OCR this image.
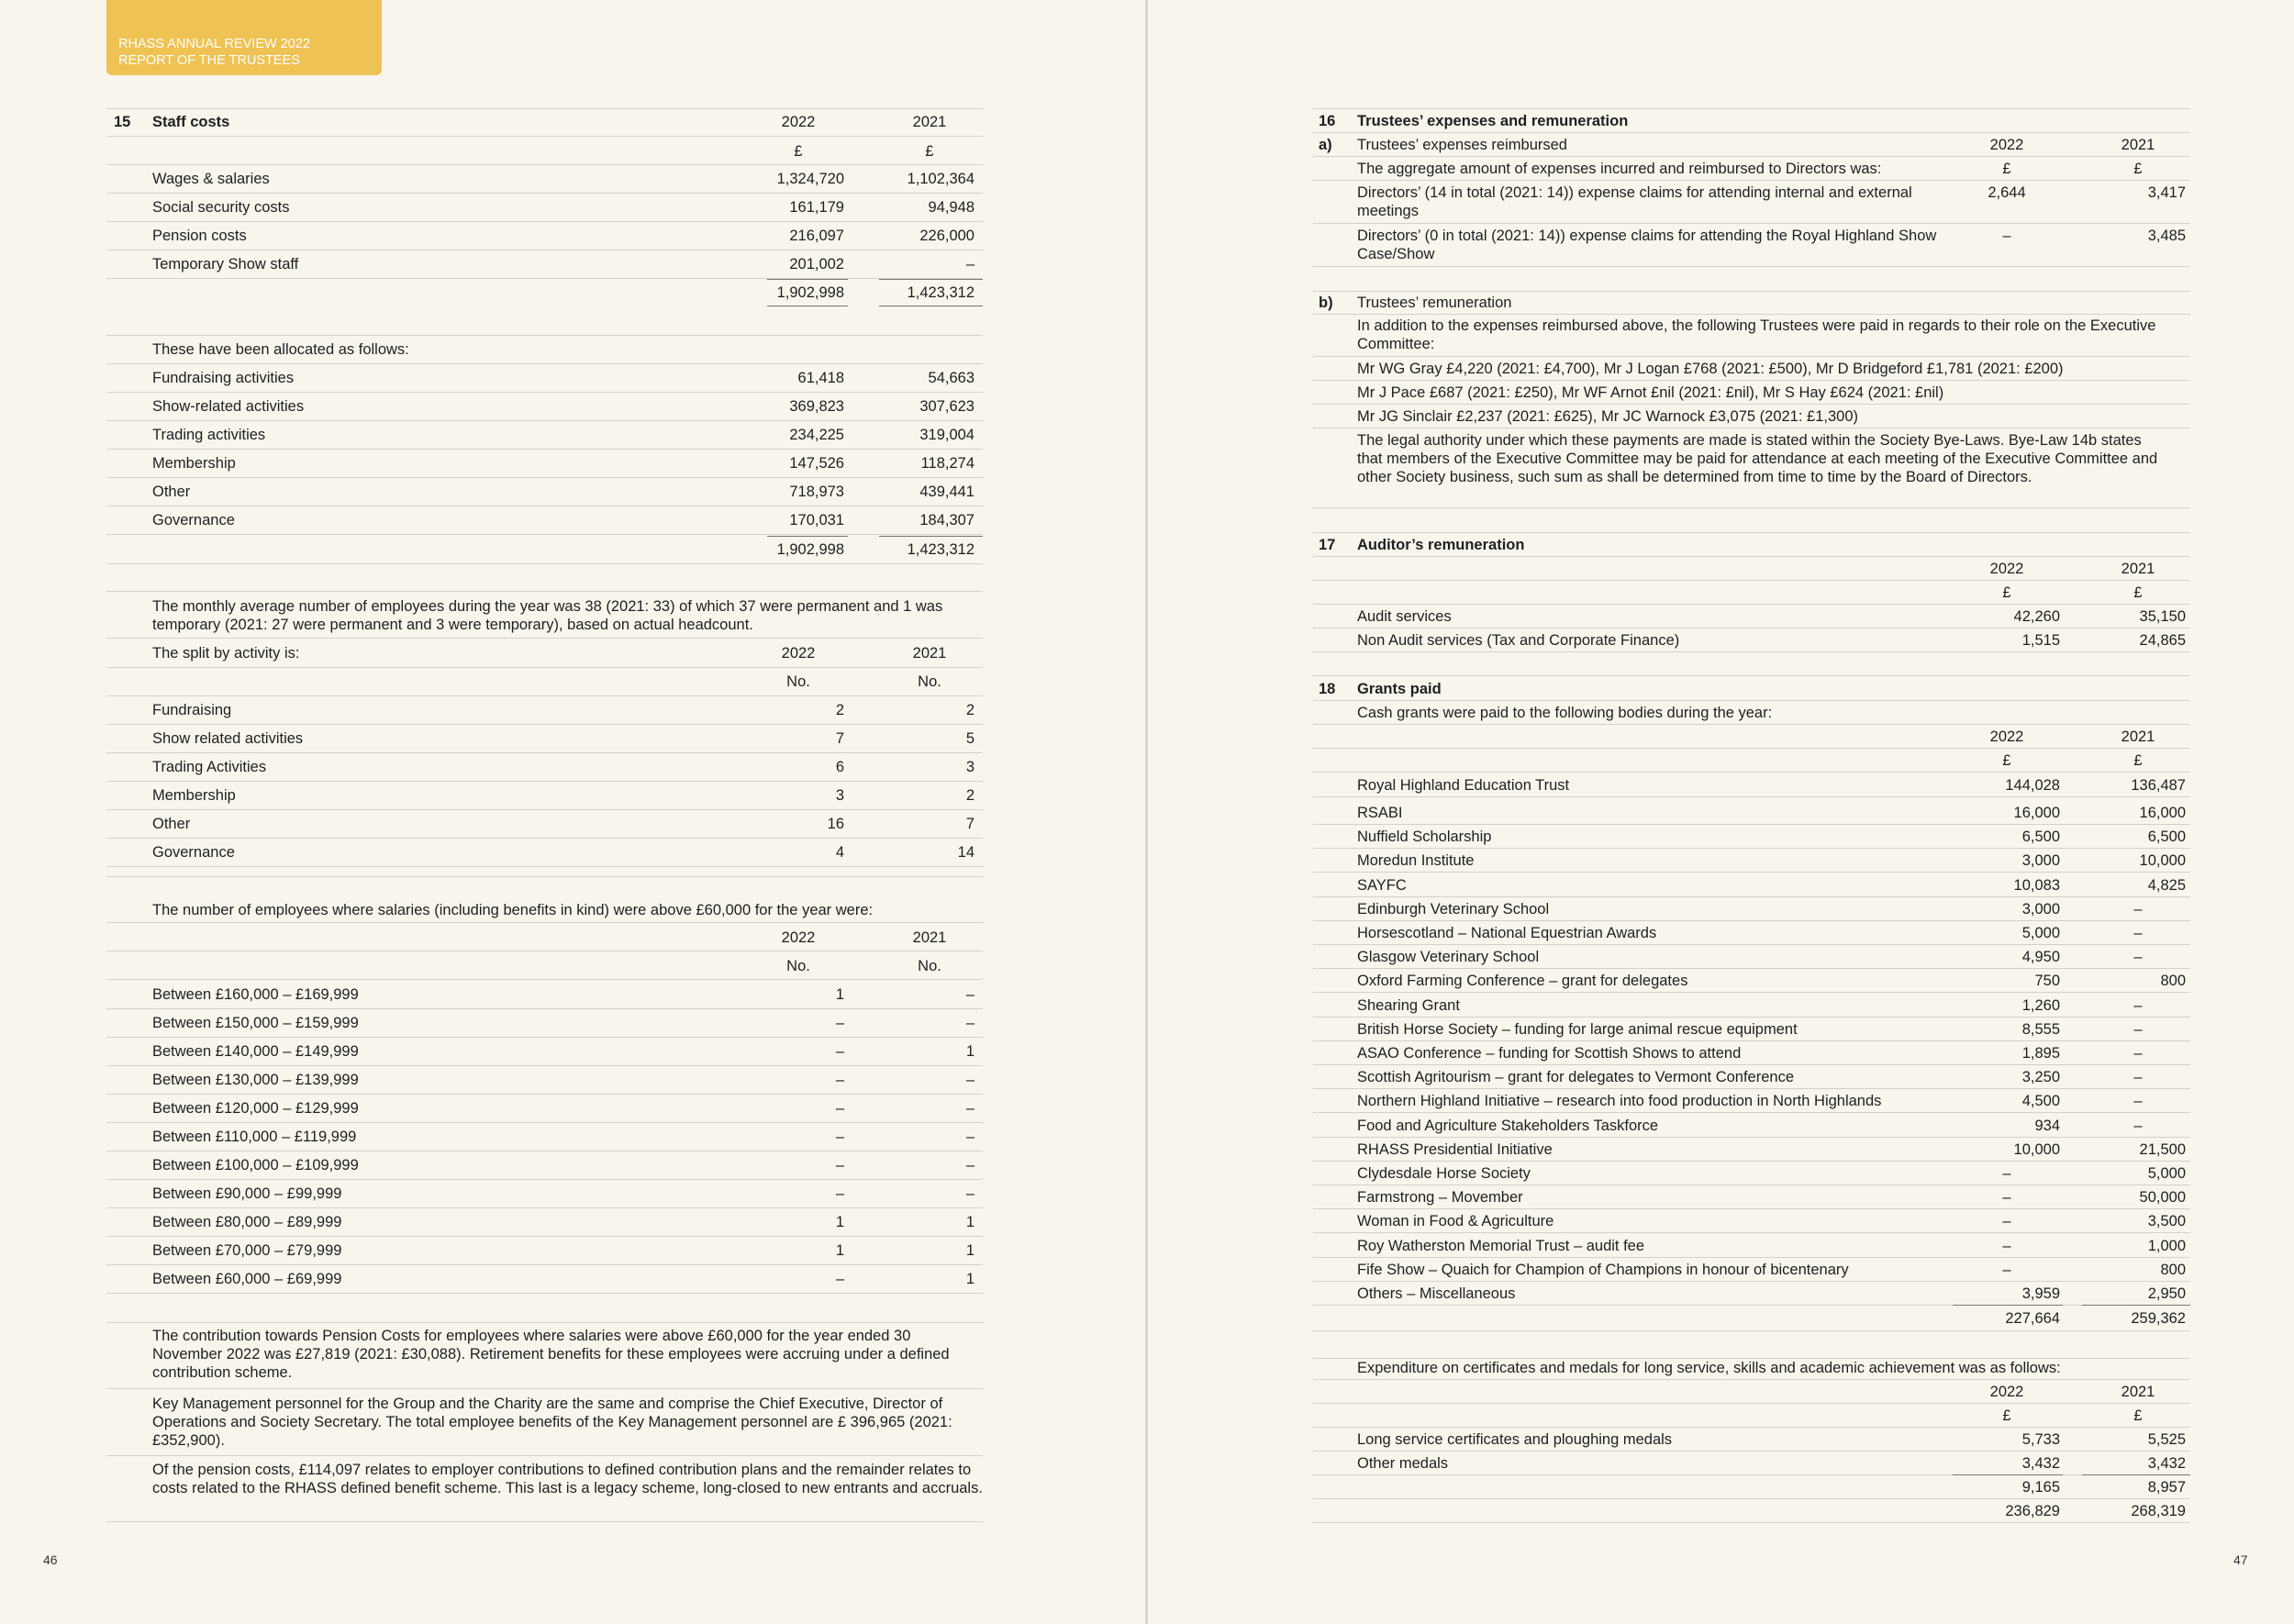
RHASS ANNUAL REVIEW 2022
REPORT OF THE TRUSTEES
46	47
15 Staff costs	2022	2021
£	£
Wages & salaries	1,324,720	1,102,364
Social security costs	161,179	94,948
Pension costs	216,097	226,000
Temporary Show staff	201,002	–
1,902,998	1,423,312
These have been allocated as follows:
Fundraising activities	61,418	54,663
Show-related activities	369,823	307,623
Trading activities	234,225	319,004
Membership	147,526	118,274
Other	718,973	439,441
Governance	170,031	184,307
1,902,998	1,423,312
The monthly average number of employees during the year was 38 (2021: 33) of which 37 were permanent and 1 was temporary (2021: 27 were permanent and 3 were temporary), based on actual headcount.
The split by activity is:	2022	2021
No.	No.
Fundraising	2	2
Show related activities	7	5
Trading Activities	6	3
Membership	3	2
Other	16	7
Governance	4	14
The number of employees where salaries (including benefits in kind) were above £60,000 for the year were:
2022	2021
No.	No.
Between £160,000 – £169,999	1	–
Between £150,000 – £159,999	–	–
Between £140,000 – £149,999	–	1
Between £130,000 – £139,999	–	–
Between £120,000 – £129,999	–	–
Between £110,000 – £119,999	–	–
Between £100,000 – £109,999	–	–
Between £90,000 – £99,999	–	–
Between £80,000 – £89,999	1	1
Between £70,000 – £79,999	1	1
Between £60,000 – £69,999	–	1
The contribution towards Pension Costs for employees where salaries were above £60,000 for the year ended 30 November 2022 was £27,819 (2021: £30,088). Retirement benefits for these employees were accruing under a defined contribution scheme.
Key Management personnel for the Group and the Charity are the same and comprise the Chief Executive, Director of Operations and Society Secretary. The total employee benefits of the Key Management personnel are £ 396,965 (2021: £352,900).
Of the pension costs, £114,097 relates to employer contributions to defined contribution plans and the remainder relates to costs related to the RHASS defined benefit scheme. This last is a legacy scheme, long-closed to new entrants and accruals.
16 Trustees’ expenses and remuneration
a) Trustees’ expenses reimbursed	2022	2021
The aggregate amount of expenses incurred and reimbursed to Directors was:	£	£
Directors’ (14 in total (2021: 14)) expense claims for attending internal and external meetings
2,644	3,417
Directors’ (0 in total (2021: 14)) expense claims for attending the Royal Highland Show Case/Show
–	3,485
b) Trustees’ remuneration
In addition to the expenses reimbursed above, the following Trustees were paid in regards to their role on the Executive Committee:
Mr WG Gray £4,220 (2021: £4,700), Mr J Logan £768 (2021: £500), Mr D Bridgeford £1,781 (2021: £200)
Mr J Pace £687 (2021: £250), Mr WF Arnot £nil (2021: £nil), Mr S Hay £624 (2021: £nil)
Mr JG Sinclair £2,237 (2021: £625), Mr JC Warnock £3,075 (2021: £1,300)
The legal authority under which these payments are made is stated within the Society Bye-Laws. Bye-Law 14b states that members of the Executive Committee may be paid for attendance at each meeting of the Executive Committee and other Society business, such sum as shall be determined from time to time by the Board of Directors.
17 Auditor’s remuneration
2022	2021
£	£
Audit services	42,260	35,150
Non Audit services (Tax and Corporate Finance)	1,515	24,865
18 Grants paid
Cash grants were paid to the following bodies during the year:
2022	2021
£	£
Royal Highland Education Trust	144,028	136,487
RSABI	16,000	16,000
Nuffield Scholarship	6,500	6,500
Moredun Institute	3,000	10,000
SAYFC	10,083	4,825
Edinburgh Veterinary School	3,000	–
Horsescotland – National Equestrian Awards	5,000	–
Glasgow Veterinary School	4,950	–
Oxford Farming Conference – grant for delegates	750	800
Shearing Grant	1,260	–
British Horse Society – funding for large animal rescue equipment	8,555	–
ASAO Conference – funding for Scottish Shows to attend	1,895	–
Scottish Agritourism – grant for delegates to Vermont Conference	3,250	–
Northern Highland Initiative – research into food production in North Highlands	4,500	–
Food and Agriculture Stakeholders Taskforce	934	–
RHASS Presidential Initiative	10,000	21,500
Clydesdale Horse Society	–	5,000
Farmstrong – Movember	–	50,000
Woman in Food & Agriculture	–	3,500
Roy Watherston Memorial Trust – audit fee	–	1,000
Fife Show – Quaich for Champion of Champions in honour of bicentenary	–	800
Others – Miscellaneous	3,959	2,950
227,664	259,362
Expenditure on certificates and medals for long service, skills and academic achievement was as follows:
2022	2021
£	£
Long service certificates and ploughing medals	5,733	5,525
Other medals	3,432	3,432
9,165	8,957
236,829	268,319
